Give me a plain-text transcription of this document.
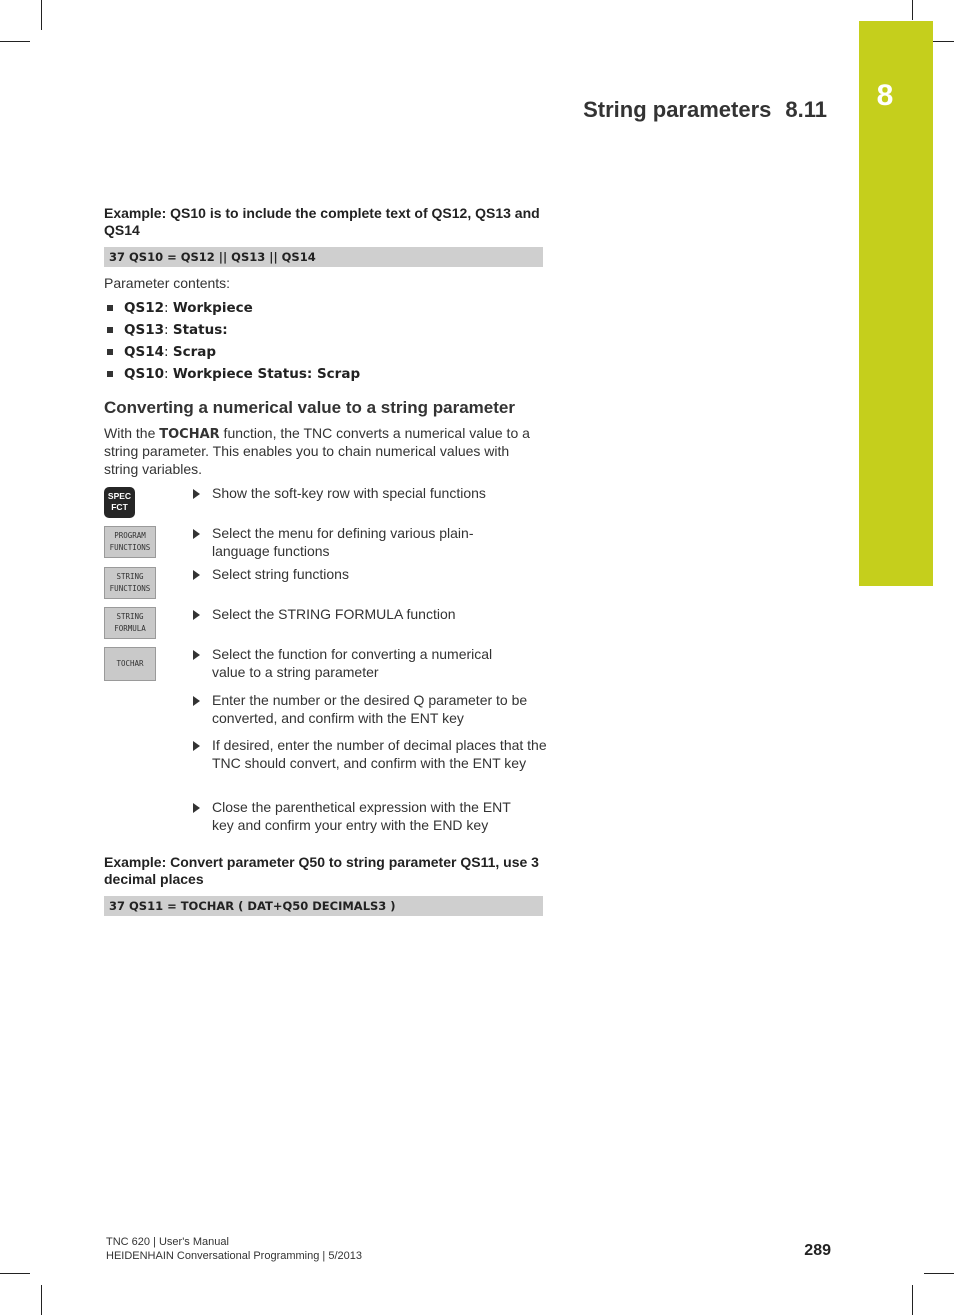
8
String parameters 8.11

Example: QS10 is to include the complete text of QS12, QS13 and QS14

37 QS10 = QS12 || QS13 || QS14
Parameter contents:
QS12: Workpiece
QS13: Status:
QS14: Scrap
QS10: Workpiece Status: Scrap
Converting a numerical value to a string parameter
With the TOCHAR function, the TNC converts a numerical value to a string parameter. This enables you to chain numerical values with string variables.
SPEC
FCT
PROGRAM
FUNCTIONS
STRING
FUNCTIONS
STRING
FORMULA
TOCHAR
Show the soft-key row with special functions
Select the menu for defining various plain-language functions
Select string functions
Select the STRING FORMULA function
Select the function for converting a numerical value to a string parameter
Enter the number or the desired Q parameter to be converted, and confirm with the ENT key
If desired, enter the number of decimal places that the TNC should convert, and confirm with the ENT key
Close the parenthetical expression with the ENT key and confirm your entry with the END key

Example: Convert parameter Q50 to string parameter QS11, use 3 decimal places

37 QS11 = TOCHAR ( DAT+Q50 DECIMALS3 )
TNC 620 | User's Manual
HEIDENHAIN Conversational Programming | 5/2013	289
